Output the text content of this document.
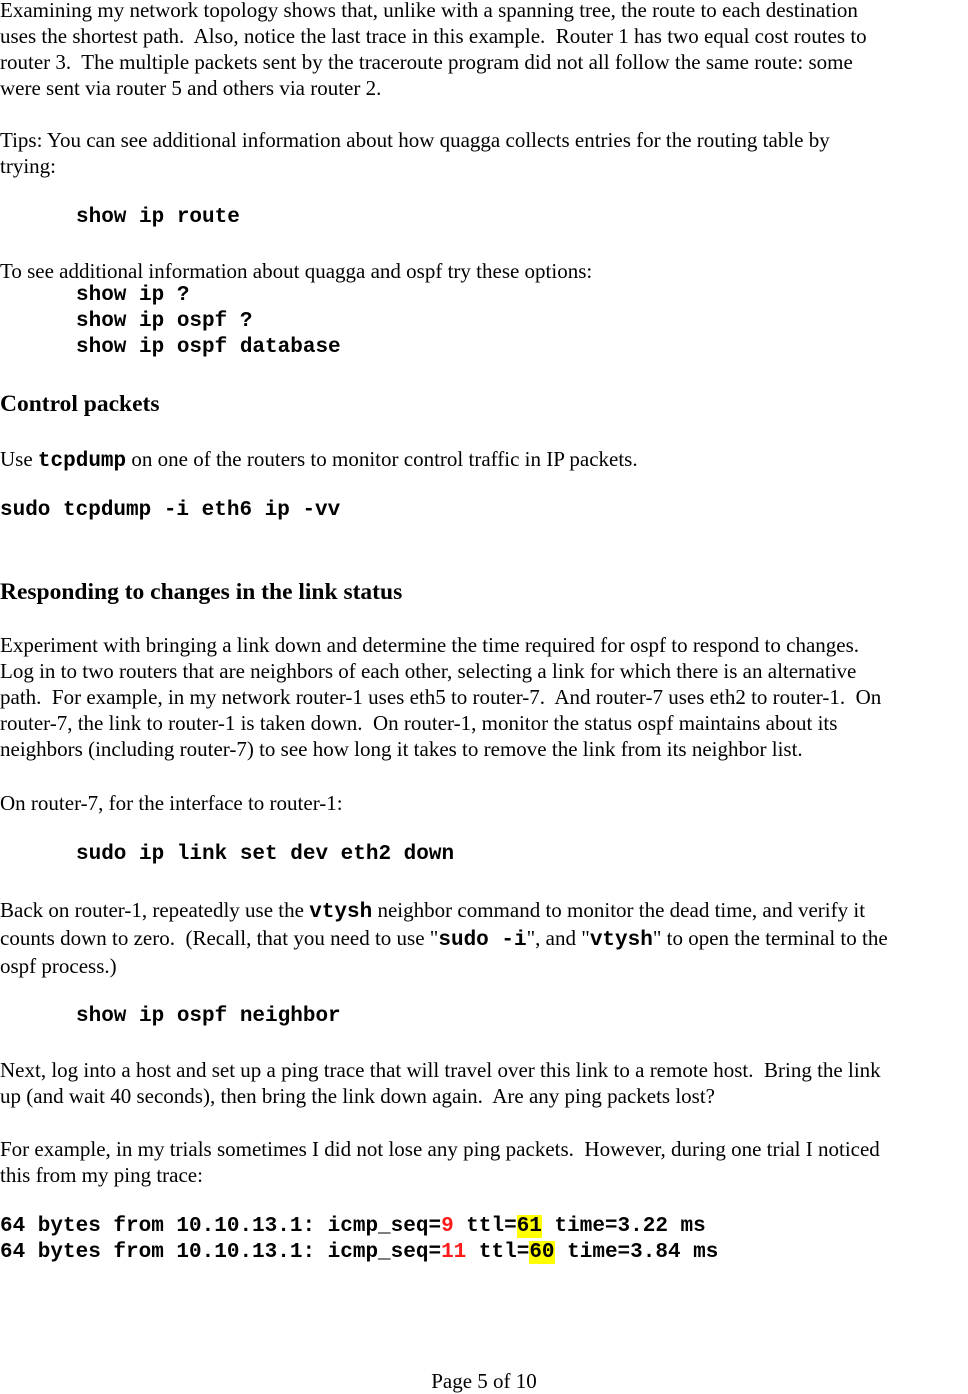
Examining my network topology shows that, unlike with a spanning tree, the route to each destination
uses the shortest path.  Also, notice the last trace in this example.  Router 1 has two equal cost routes to
router 3.  The multiple packets sent by the traceroute program did not all follow the same route: some
were sent via router 5 and others via router 2.
Tips: You can see additional information about how quagga collects entries for the routing table by
trying:
show ip route
To see additional information about quagga and ospf try these options:
show ip ?
show ip ospf ?
show ip ospf database
Control packets
Use tcpdump on one of the routers to monitor control traffic in IP packets.
sudo tcpdump -i eth6 ip -vv
Responding to changes in the link status
Experiment with bringing a link down and determine the time required for ospf to respond to changes.
Log in to two routers that are neighbors of each other, selecting a link for which there is an alternative
path.  For example, in my network router-1 uses eth5 to router-7.  And router-7 uses eth2 to router-1.  On
router-7, the link to router-1 is taken down.  On router-1, monitor the status ospf maintains about its
neighbors (including router-7) to see how long it takes to remove the link from its neighbor list.
On router-7, for the interface to router-1:
sudo ip link set dev eth2 down
Back on router-1, repeatedly use the vtysh neighbor command to monitor the dead time, and verify it
counts down to zero.  (Recall, that you need to use "sudo -i", and "vtysh" to open the terminal to the
ospf process.)
show ip ospf neighbor
Next, log into a host and set up a ping trace that will travel over this link to a remote host.  Bring the link
up (and wait 40 seconds), then bring the link down again.  Are any ping packets lost?
For example, in my trials sometimes I did not lose any ping packets.  However, during one trial I noticed
this from my ping trace:
64 bytes from 10.10.13.1: icmp_seq=9 ttl=61 time=3.22 ms
64 bytes from 10.10.13.1: icmp_seq=11 ttl=60 time=3.84 ms
Page 5 of 10
